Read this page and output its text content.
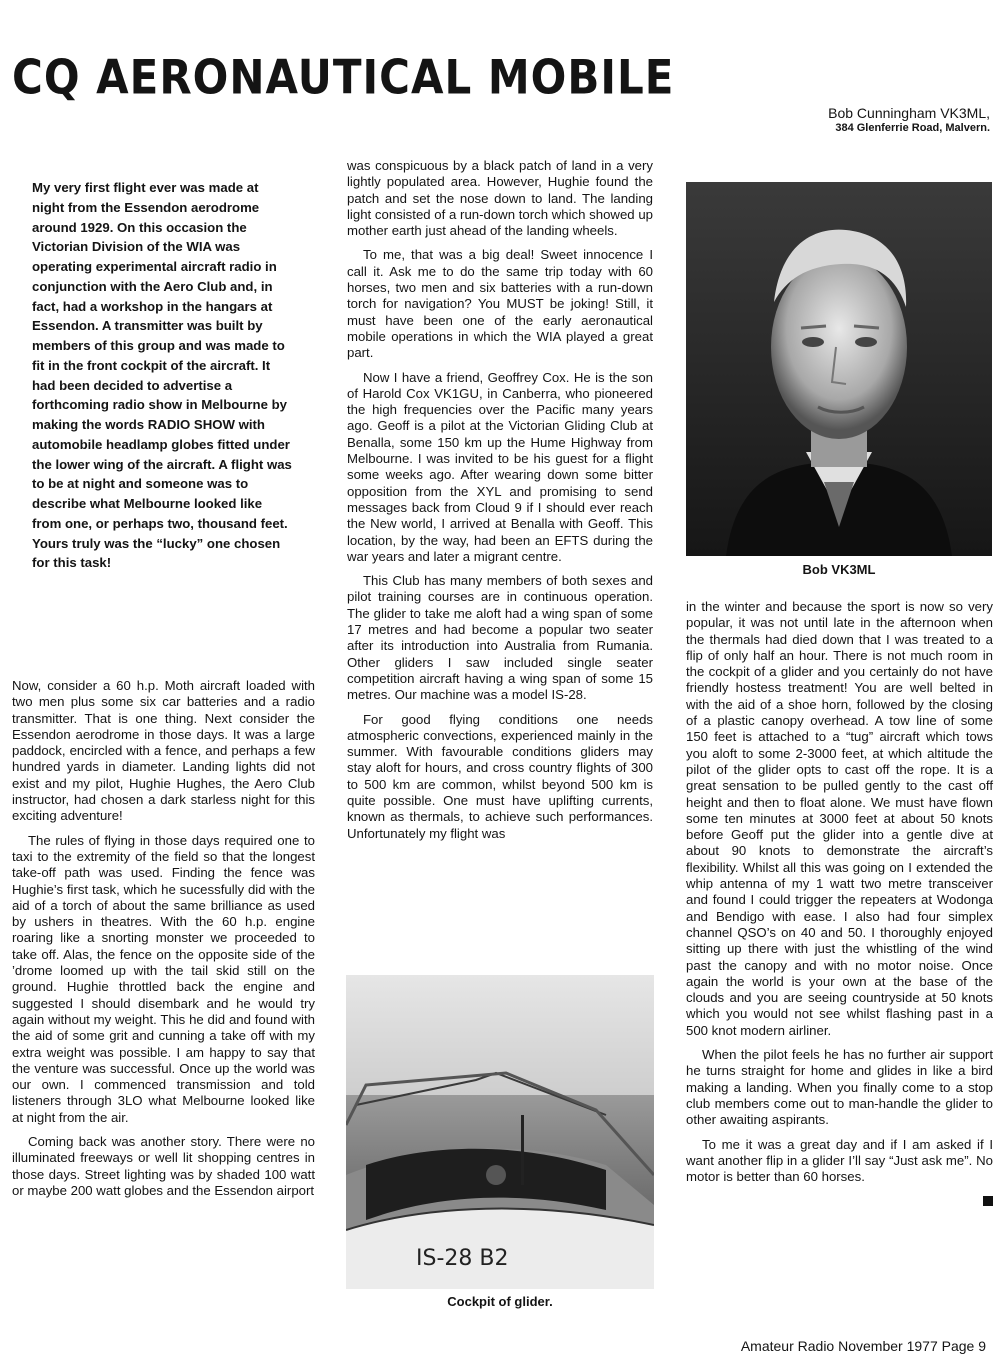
CQ AERONAUTICAL MOBILE
Bob Cunningham VK3ML,
384 Glenferrie Road, Malvern.

My very first flight ever was made at night from the Essendon aerodrome around 1929. On this occasion the Victorian Division of the WIA was operating experimental aircraft radio in conjunction with the Aero Club and, in fact, had a workshop in the hangars at Essendon. A transmitter was built by members of this group and was made to fit in the front cockpit of the aircraft. It had been decided to advertise a forthcoming radio show in Melbourne by making the words RADIO SHOW with automobile headlamp globes fitted under the lower wing of the aircraft. A flight was to be at night and someone was to describe what Melbourne looked like from one, or perhaps two, thousand feet. Yours truly was the “lucky” one chosen for this task!

Now, consider a 60 h.p. Moth aircraft loaded with two men plus some six car batteries and a radio transmitter. That is one thing. Next consider the Essendon aerodrome in those days. It was a large paddock, encircled with a fence, and perhaps a few hundred yards in diameter. Landing lights did not exist and my pilot, Hughie Hughes, the Aero Club instructor, had chosen a dark starless night for this exciting adventure!

The rules of flying in those days required one to taxi to the extremity of the field so that the longest take-off path was used. Finding the fence was Hughie’s first task, which he sucessfully did with the aid of a torch of about the same brilliance as used by ushers in theatres. With the 60 h.p. engine roaring like a snorting monster we proceeded to take off. Alas, the fence on the opposite side of the ’drome loomed up with the tail skid still on the ground. Hughie throttled back the engine and suggested I should disembark and he would try again without my weight. This he did and found with the aid of some grit and cunning a take off with my extra weight was possible. I am happy to say that the venture was successful. Once up the world was our own. I commenced transmission and told listeners through 3LO what Melbourne looked like at night from the air.

Coming back was another story. There were no illuminated freeways or well lit shopping centres in those days. Street lighting was by shaded 100 watt or maybe 200 watt globes and the Essendon airport

was conspicuous by a black patch of land in a very lightly populated area. However, Hughie found the patch and set the nose down to land. The landing light consisted of a run-down torch which showed up mother earth just ahead of the landing wheels.

To me, that was a big deal! Sweet innocence I call it. Ask me to do the same trip today with 60 horses, two men and six batteries with a run-down torch for navigation? You MUST be joking! Still, it must have been one of the early aeronautical mobile operations in which the WIA played a great part.

Now I have a friend, Geoffrey Cox. He is the son of Harold Cox VK1GU, in Canberra, who pioneered the high frequencies over the Pacific many years ago. Geoff is a pilot at the Victorian Gliding Club at Benalla, some 150 km up the Hume Highway from Melbourne. I was invited to be his guest for a flight some weeks ago. After wearing down some bitter opposition from the XYL and promising to send messages back from Cloud 9 if I should ever reach the New world, I arrived at Benalla with Geoff. This location, by the way, had been an EFTS during the war years and later a migrant centre.

This Club has many members of both sexes and pilot training courses are in continuous operation. The glider to take me aloft had a wing span of some 17 metres and had become a popular two seater after its introduction into Australia from Rumania. Other gliders I saw included single seater competition aircraft having a wing span of some 15 metres. Our machine was a model IS-28.

For good flying conditions one needs atmospheric convections, experienced mainly in the summer. With favourable conditions gliders may stay aloft for hours, and cross country flights of 300 to 500 km are common, whilst beyond 500 km is quite possible. One must have uplifting currents, known as thermals, to achieve such performances. Unfortunately my flight was

Bob VK3ML

in the winter and because the sport is now so very popular, it was not until late in the afternoon when the thermals had died down that I was treated to a flip of only half an hour. There is not much room in the cockpit of a glider and you certainly do not have friendly hostess treatment! You are well belted in with the aid of a shoe horn, followed by the closing of a plastic canopy overhead. A tow line of some 150 feet is attached to a “tug” aircraft which tows you aloft to some 2-3000 feet, at which altitude the pilot of the glider opts to cast off the rope. It is a great sensation to be pulled gently to the cast off height and then to float alone. We must have flown some ten minutes at 3000 feet at about 50 knots before Geoff put the glider into a gentle dive at about 90 knots to demonstrate the aircraft’s flexibility. Whilst all this was going on I extended the whip antenna of my 1 watt two metre transceiver and found I could trigger the repeaters at Wodonga and Bendigo with ease. I also had four simplex channel QSO’s on 40 and 50. I thoroughly enjoyed sitting up there with just the whistling of the wind past the canopy and with no motor noise. Once again the world is your own at the base of the clouds and you are seeing countryside at 50 knots which you would not see whilst flashing past in a 500 knot modern airliner.

When the pilot feels he has no further air support he turns straight for home and glides in like a bird making a landing. When you finally come to a stop club members come out to man-handle the glider to other awaiting aspirants.

To me it was a great day and if I am asked if I want another flip in a glider I’ll say “Just ask me”. No motor is better than 60 horses.

IS-28 B2
Cockpit of glider.
Amateur Radio November 1977 Page 9
